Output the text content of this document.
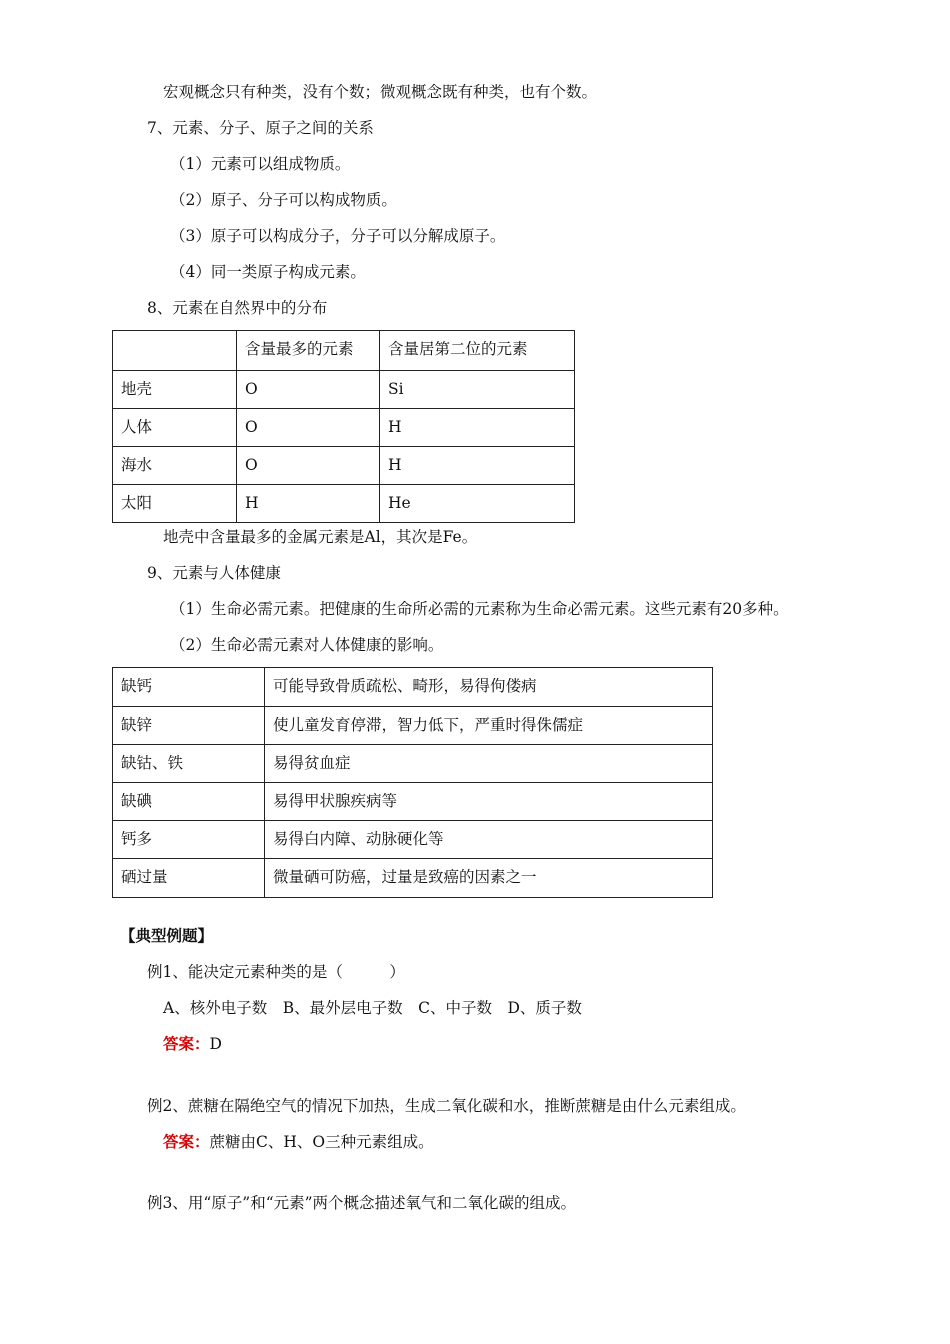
宏观概念只有种类，没有个数；微观概念既有种类，也有个数。
7、元素、分子、原子之间的关系
（1）元素可以组成物质。
（2）原子、分子可以构成物质。
（3）原子可以构成分子，分子可以分解成原子。
（4）同一类原子构成元素。
8、元素在自然界中的分布
	含量最多的元素	含量居第二位的元素
地壳	O	Si
人体	O	H
海水	O	H
太阳	H	He
地壳中含量最多的金属元素是Al，其次是Fe。
9、元素与人体健康
（1）生命必需元素。把健康的生命所必需的元素称为生命必需元素。这些元素有20多种。
（2）生命必需元素对人体健康的影响。
缺钙	可能导致骨质疏松、畸形，易得佝偻病
缺锌	使儿童发育停滞，智力低下，严重时得侏儒症
缺钴、铁	易得贫血症
缺碘	易得甲状腺疾病等
钙多	易得白内障、动脉硬化等
硒过量	微量硒可防癌，过量是致癌的因素之一
【典型例题】
例1、能决定元素种类的是（　　　）
A、核外电子数　B、最外层电子数　C、中子数　D、质子数
答案：D
例2、蔗糖在隔绝空气的情况下加热，生成二氧化碳和水，推断蔗糖是由什么元素组成。
答案：蔗糖由C、H、O三种元素组成。
例3、用“原子”和“元素”两个概念描述氧气和二氧化碳的组成。
